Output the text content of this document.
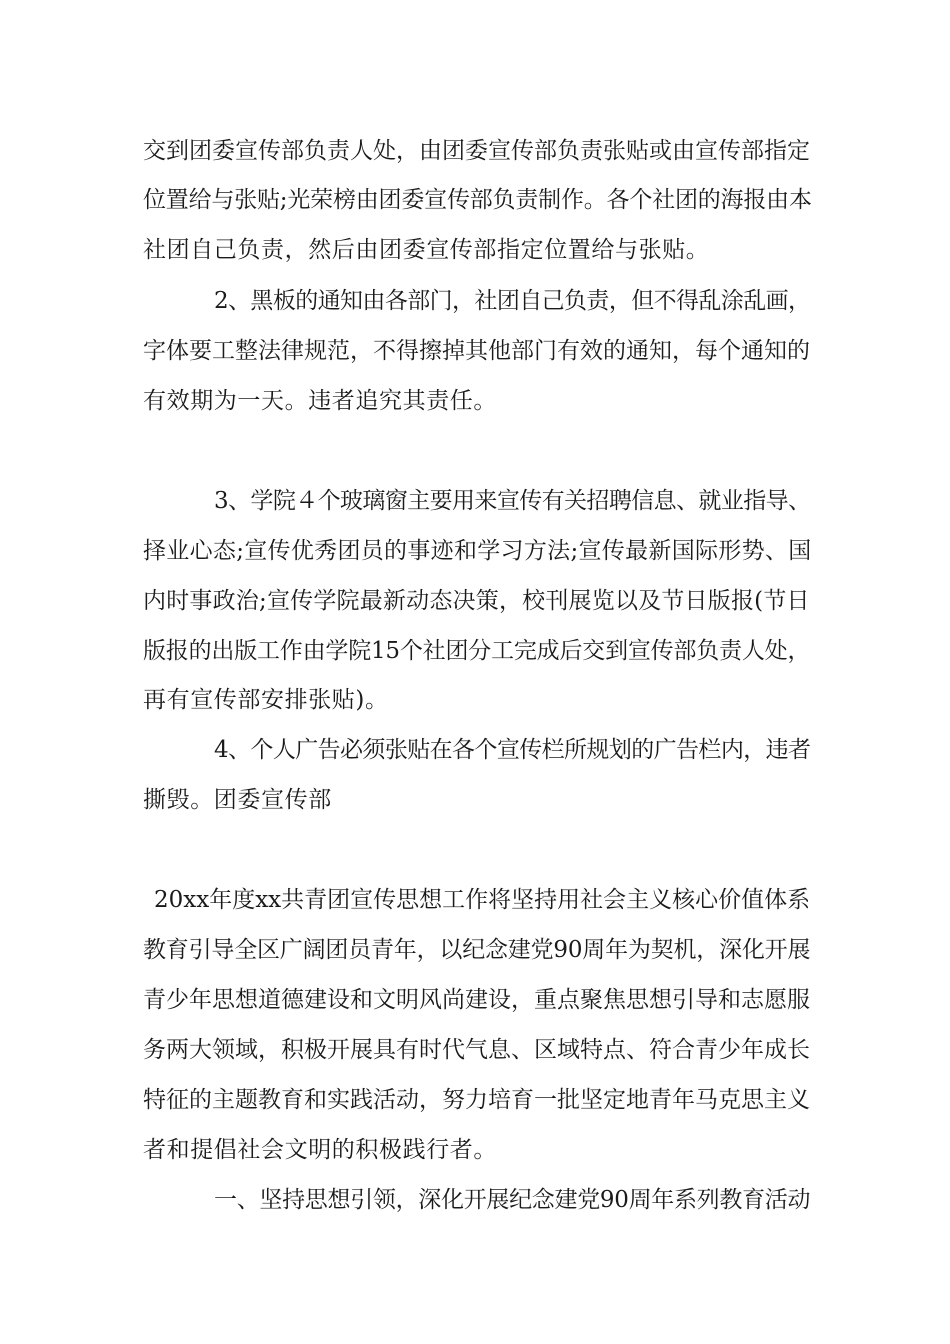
交到团委宣传部负责人处，由团委宣传部负责张贴或由宣传部指定
位置给与张贴;光荣榜由团委宣传部负责制作。各个社团的海报由本
社团自己负责，然后由团委宣传部指定位置给与张贴。
2、黑板的通知由各部门，社团自己负责，但不得乱涂乱画，
字体要工整法律规范，不得擦掉其他部门有效的通知，每个通知的
有效期为一天。违者追究其责任。
3、学院４个玻璃窗主要用来宣传有关招聘信息、就业指导、
择业心态;宣传优秀团员的事迹和学习方法;宣传最新国际形势、国
内时事政治;宣传学院最新动态决策，校刊展览以及节日版报(节日
版报的出版工作由学院15个社团分工完成后交到宣传部负责人处，
再有宣传部安排张贴)。
4、个人广告必须张贴在各个宣传栏所规划的广告栏内，违者
撕毁。团委宣传部
20xx年度xx共青团宣传思想工作将坚持用社会主义核心价值体系
教育引导全区广阔团员青年，以纪念建党90周年为契机，深化开展
青少年思想道德建设和文明风尚建设，重点聚焦思想引导和志愿服
务两大领域，积极开展具有时代气息、区域特点、符合青少年成长
特征的主题教育和实践活动，努力培育一批坚定地青年马克思主义
者和提倡社会文明的积极践行者。
一、坚持思想引领，深化开展纪念建党90周年系列教育活动
